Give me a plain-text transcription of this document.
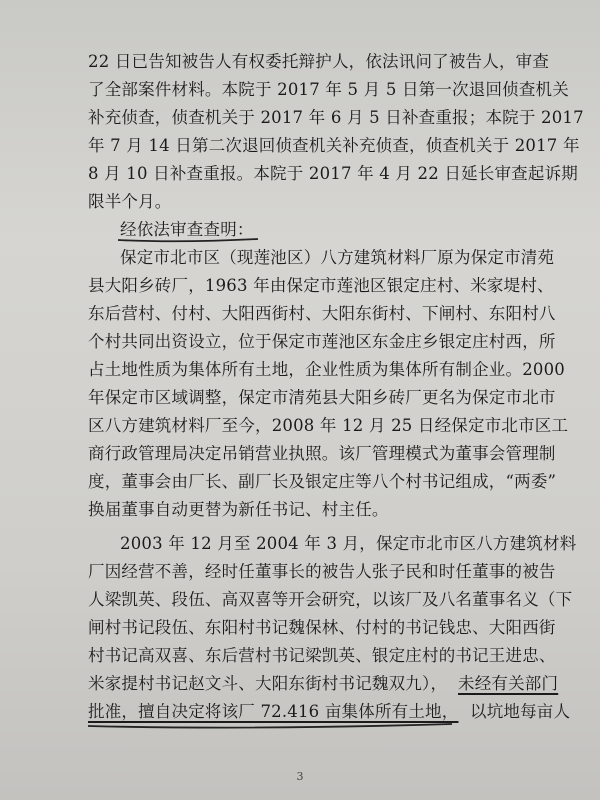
22 日已告知被告人有权委托辩护人，依法讯问了被告人，审查
了全部案件材料。本院于 2017 年 5 月 5 日第一次退回侦查机关
补充侦查，侦查机关于 2017 年 6 月 5 日补查重报；本院于 2017
年 7 月 14 日第二次退回侦查机关补充侦查，侦查机关于 2017 年
8 月 10 日补查重报。本院于 2017 年 4 月 22 日延长审查起诉期
限半个月。
经依法审查查明：
保定市北市区（现莲池区）八方建筑材料厂原为保定市清苑
县大阳乡砖厂，1963 年由保定市莲池区银定庄村、米家堤村、
东后营村、付村、大阳西街村、大阳东街村、下闸村、东阳村八
个村共同出资设立，位于保定市莲池区东金庄乡银定庄村西，所
占土地性质为集体所有土地，企业性质为集体所有制企业。2000
年保定市区域调整，保定市清苑县大阳乡砖厂更名为保定市北市
区八方建筑材料厂至今，2008 年 12 月 25 日经保定市北市区工
商行政管理局决定吊销营业执照。该厂管理模式为董事会管理制
度，董事会由厂长、副厂长及银定庄等八个村书记组成，“两委”
换届董事自动更替为新任书记、村主任。
2003 年 12 月至 2004 年 3 月，保定市北市区八方建筑材料
厂因经营不善，经时任董事长的被告人张子民和时任董事的被告
人梁凯英、段伍、高双喜等开会研究，以该厂及八名董事名义（下
闸村书记段伍、东阳村书记魏保林、付村的书记钱忠、大阳西街
村书记高双喜、东后营村书记梁凯英、银定庄村的书记王进忠、
米家提村书记赵文斗、大阳东街村书记魏双九）， 未经有关部门
批准，擅自决定将该厂 72.416 亩集体所有土地， 以坑地每亩人
3
